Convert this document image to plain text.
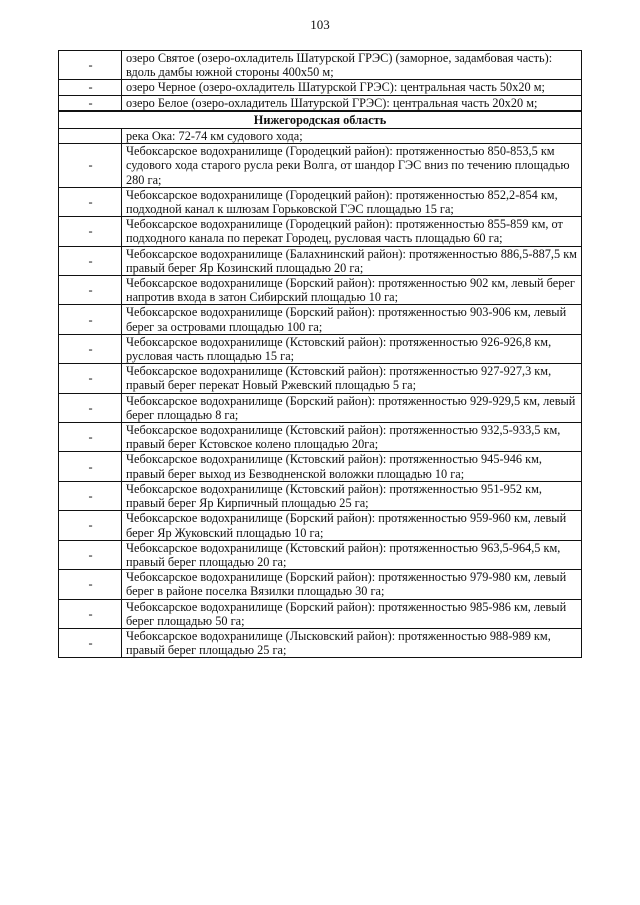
103
-	озеро Святое (озеро-охладитель Шатурской ГРЭС) (заморное, задамбовая часть): вдоль дамбы южной стороны 400х50 м;
-	озеро Черное (озеро-охладитель Шатурской ГРЭС): центральная часть 50х20 м;
-	озеро Белое (озеро-охладитель Шатурской ГРЭС): центральная часть 20х20 м;
Нижегородская область	
	река Ока: 72-74 км судового хода;
-	Чебоксарское водохранилище (Городецкий район): протяженностью 850-853,5 км судового хода старого русла реки Волга, от шандор ГЭС вниз по течению площадью 280 га;
-	Чебоксарское водохранилище (Городецкий район): протяженностью 852,2-854 км, подходной канал к шлюзам Горьковской ГЭС площадью 15 га;
-	Чебоксарское водохранилище (Городецкий район): протяженностью 855-859 км, от подходного канала по перекат Городец, русловая часть площадью 60 га;
-	Чебоксарское водохранилище (Балахнинский район): протяженностью 886,5-887,5 км правый берег Яр Козинский площадью 20 га;
-	Чебоксарское водохранилище (Борский район): протяженностью 902 км, левый берег напротив входа в затон Сибирский площадью 10 га;
-	Чебоксарское водохранилище (Борский район): протяженностью 903-906 км, левый берег за островами площадью 100 га;
-	Чебоксарское водохранилище (Кстовский район): протяженностью 926-926,8 км, русловая часть площадью 15 га;
-	Чебоксарское водохранилище (Кстовский район): протяженностью 927-927,3 км, правый берег перекат Новый Ржевский площадью 5 га;
-	Чебоксарское водохранилище (Борский район): протяженностью 929-929,5 км, левый берег площадью 8 га;
-	Чебоксарское водохранилище (Кстовский район): протяженностью 932,5-933,5 км, правый берег Кстовское колено площадью 20га;
-	Чебоксарское водохранилище (Кстовский район): протяженностью 945-946 км, правый берег выход из Безводненской воложки площадью 10 га;
-	Чебоксарское водохранилище (Кстовский район): протяженностью 951-952 км, правый берег Яр Кирпичный площадью 25 га;
-	Чебоксарское водохранилище (Борский район): протяженностью 959-960 км, левый берег Яр Жуковский площадью 10 га;
-	Чебоксарское водохранилище (Кстовский район): протяженностью 963,5-964,5 км, правый берег площадью 20 га;
-	Чебоксарское водохранилище (Борский район): протяженностью 979-980 км, левый берег в районе поселка Вязилки площадью 30 га;
-	Чебоксарское водохранилище (Борский район): протяженностью 985-986 км, левый берег площадью 50 га;
-	Чебоксарское водохранилище (Лысковский район): протяженностью 988-989 км, правый берег площадью 25 га;
